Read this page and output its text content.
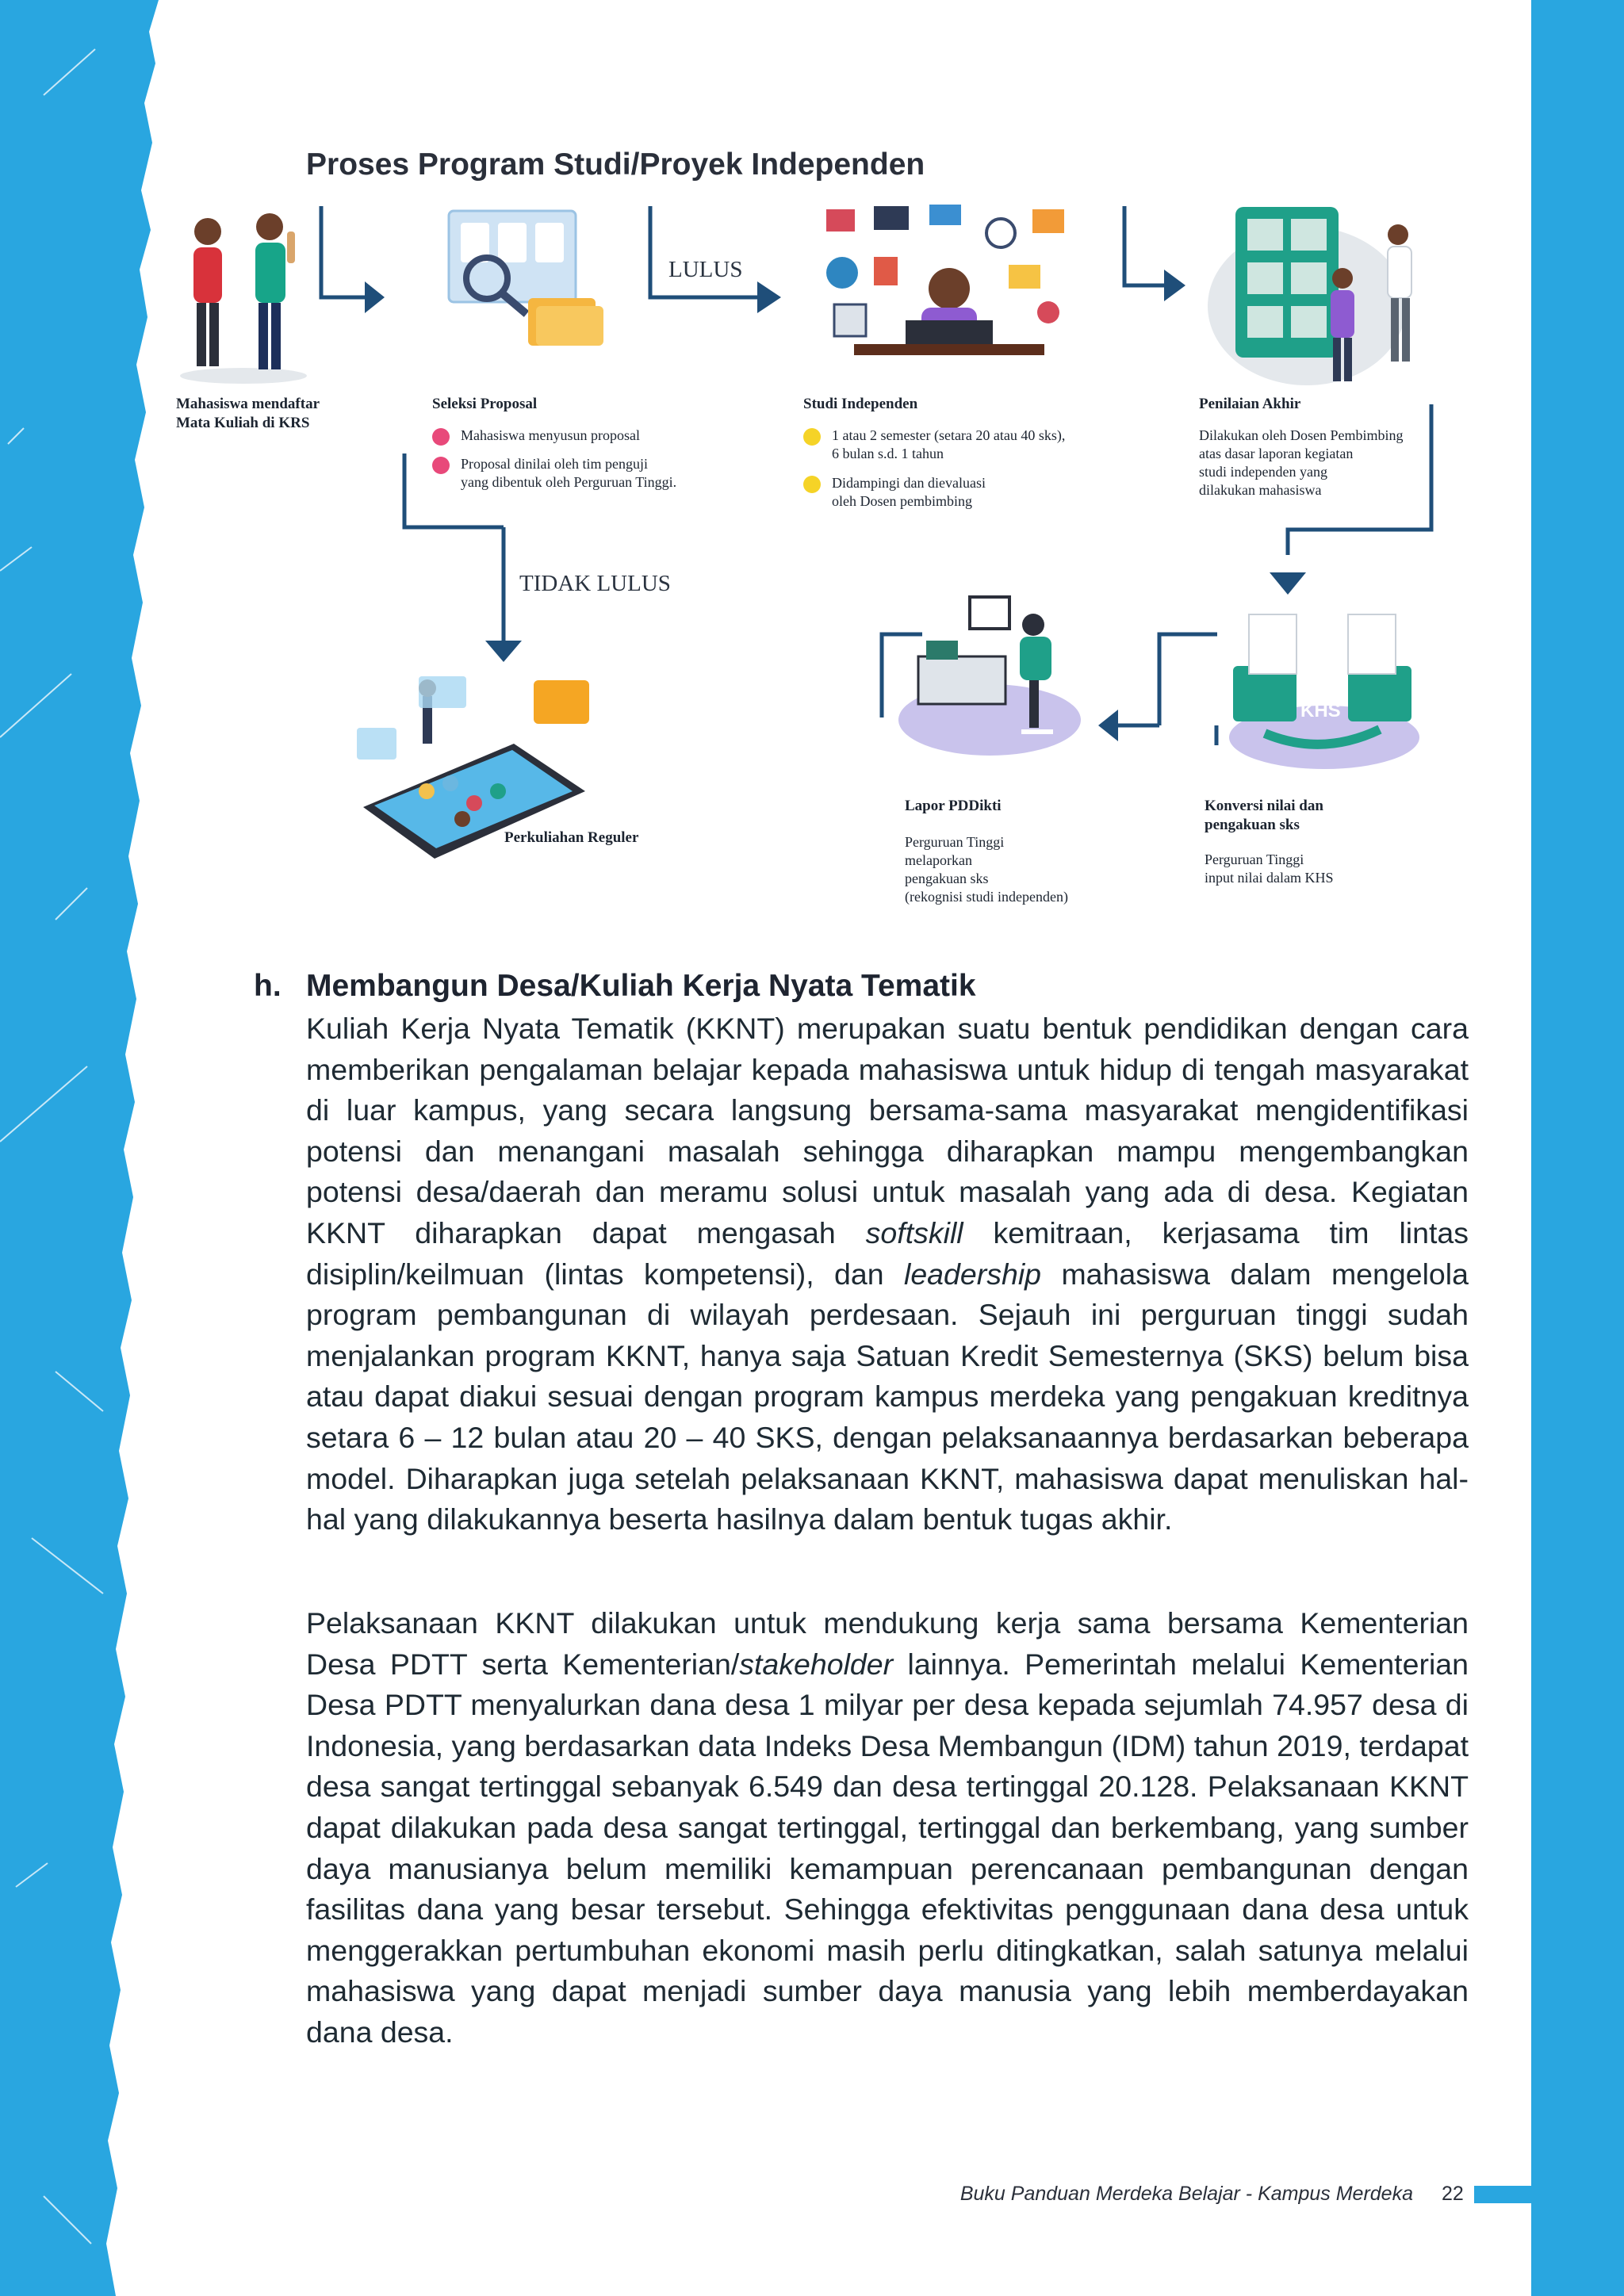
Proses Program Studi/Proyek Independen
LULUS
TIDAK LULUS
KHS
Mahasiswa mendaftar
Mata Kuliah di KRS
Seleksi Proposal
Mahasiswa menyusun proposal
Proposal dinilai oleh tim penguji
yang dibentuk oleh Perguruan Tinggi.
Studi Independen
1 atau 2 semester (setara 20 atau 40 sks),
6 bulan s.d. 1 tahun
Didampingi dan dievaluasi
oleh Dosen pembimbing
Penilaian Akhir
Dilakukan oleh Dosen Pembimbing
atas dasar laporan kegiatan
studi independen yang
dilakukan mahasiswa
Perkuliahan Reguler
Lapor PDDikti
Perguruan Tinggi
melaporkan
pengakuan sks
(rekognisi studi independen)
Konversi nilai dan
pengakuan sks
Perguruan Tinggi
input nilai dalam KHS
h. Membangun Desa/Kuliah Kerja Nyata Tematik

Kuliah Kerja Nyata Tematik (KKNT) merupakan suatu bentuk pendidikan dengan cara memberikan pengalaman belajar kepada mahasiswa untuk hidup di tengah masyarakat di luar kampus, yang secara langsung bersama-sama masyarakat mengidentifikasi potensi dan menangani masalah sehingga diharapkan mampu mengembangkan potensi desa/daerah dan meramu solusi untuk masalah yang ada di desa. Kegiatan KKNT diharapkan dapat mengasah softskill kemitraan, kerjasama tim lintas disiplin/keilmuan (lintas kompetensi), dan leadership mahasiswa dalam mengelola program pembangunan di wilayah perdesaan. Sejauh ini perguruan tinggi sudah menjalankan program KKNT, hanya saja Satuan Kredit Semesternya (SKS) belum bisa atau dapat diakui sesuai dengan program kampus merdeka yang pengakuan kreditnya setara 6 – 12 bulan atau 20 – 40 SKS, dengan pelaksanaannya berdasarkan beberapa model. Diharapkan juga setelah pelaksanaan KKNT, mahasiswa dapat menuliskan hal-hal yang dilakukannya beserta hasilnya dalam bentuk tugas akhir.

Pelaksanaan KKNT dilakukan untuk mendukung kerja sama bersama Kementerian Desa PDTT serta Kementerian/stakeholder lainnya. Pemerintah melalui Kementerian Desa PDTT menyalurkan dana desa 1 milyar per desa kepada sejumlah 74.957 desa di Indonesia, yang berdasarkan data Indeks Desa Membangun (IDM) tahun 2019, terdapat desa sangat tertinggal sebanyak 6.549 dan desa tertinggal 20.128. Pelaksanaan KKNT dapat dilakukan pada desa sangat tertinggal, tertinggal dan berkembang, yang sumber daya manusianya belum memiliki kemampuan perencanaan pembangunan dengan fasilitas dana yang besar tersebut. Sehingga efektivitas penggunaan dana desa untuk menggerakkan pertumbuhan ekonomi masih perlu ditingkatkan, salah satunya melalui mahasiswa yang dapat menjadi sumber daya manusia yang lebih memberdayakan dana desa.

Buku Panduan Merdeka Belajar - Kampus Merdeka 22
